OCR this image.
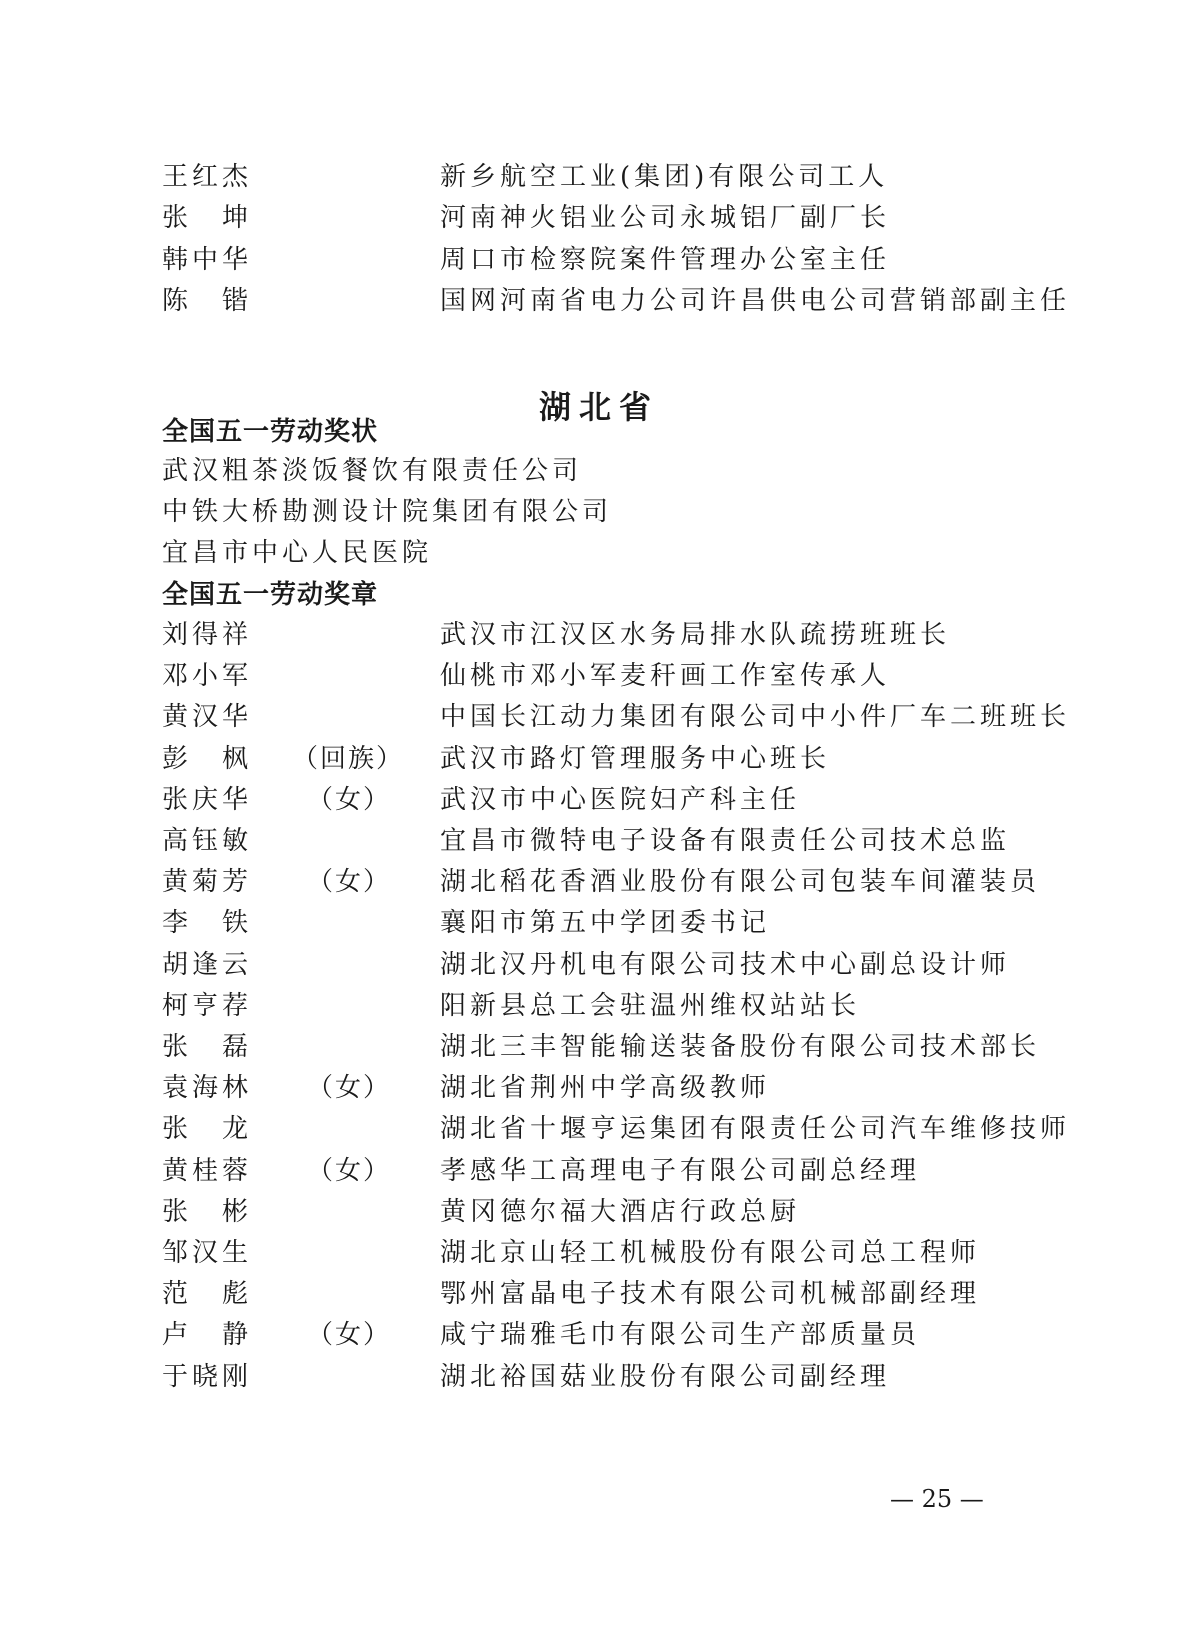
王红杰	新乡航空工业(集团)有限公司工人
张　坤	河南神火铝业公司永城铝厂副厂长
韩中华	周口市检察院案件管理办公室主任
陈　锴	国网河南省电力公司许昌供电公司营销部副主任
湖北省
全国五一劳动奖状
武汉粗茶淡饭餐饮有限责任公司
中铁大桥勘测设计院集团有限公司
宜昌市中心人民医院
全国五一劳动奖章
刘得祥	武汉市江汉区水务局排水队疏捞班班长
邓小军	仙桃市邓小军麦秆画工作室传承人
黄汉华	中国长江动力集团有限公司中小件厂车二班班长
彭　枫 （回族） 武汉市路灯管理服务中心班长
张庆华 　（女） 武汉市中心医院妇产科主任
高钰敏	宜昌市微特电子设备有限责任公司技术总监
黄菊芳 　（女） 湖北稻花香酒业股份有限公司包装车间灌装员
李　铁	襄阳市第五中学团委书记
胡逢云	湖北汉丹机电有限公司技术中心副总设计师
柯亨荐	阳新县总工会驻温州维权站站长
张　磊	湖北三丰智能输送装备股份有限公司技术部长
袁海林 　（女） 湖北省荆州中学高级教师
张　龙	湖北省十堰亨运集团有限责任公司汽车维修技师
黄桂蓉 　（女） 孝感华工高理电子有限公司副总经理
张　彬	黄冈德尔福大酒店行政总厨
邹汉生	湖北京山轻工机械股份有限公司总工程师
范　彪	鄂州富晶电子技术有限公司机械部副经理
卢　静 　（女） 咸宁瑞雅毛巾有限公司生产部质量员
于晓刚	湖北裕国菇业股份有限公司副经理
— 25 —
